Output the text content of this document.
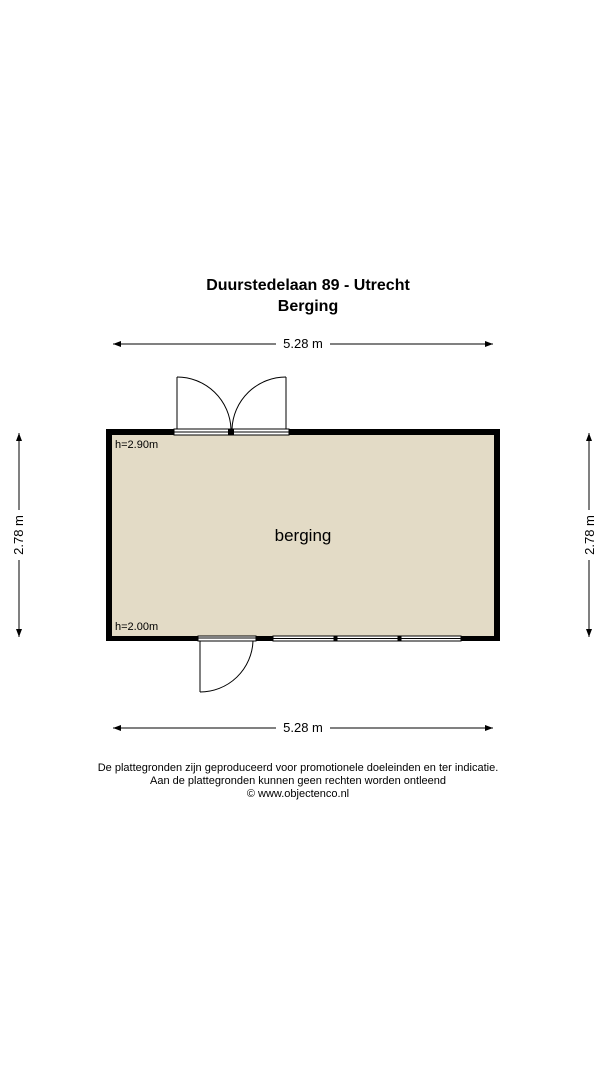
Duurstedelaan 89 - Utrecht
Berging
5.28 m
5.28 m
2.78 m	2.78 m
berging
h=2.90m
h=2.00m
De plattegronden zijn geproduceerd voor promotionele doeleinden en ter indicatie.
Aan de plattegronden kunnen geen rechten worden ontleend
© www.objectenco.nl
